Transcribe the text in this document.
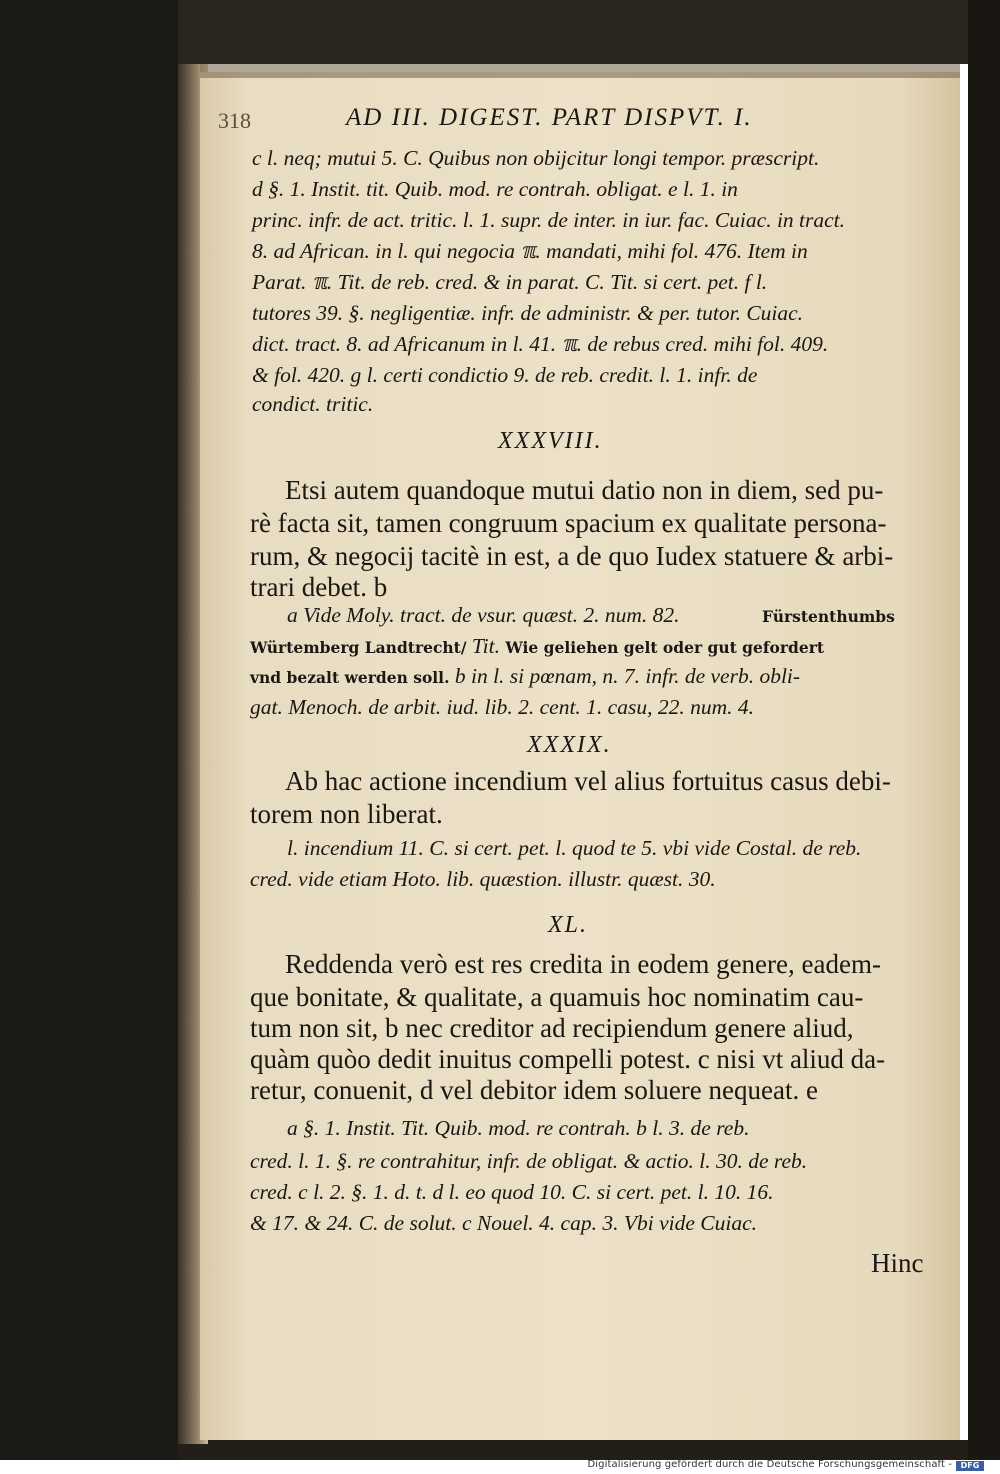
318	AD III. DIGEST. PART DISPVT. I.
c l. neq; mutui 5. C. Quibus non obijcitur longi tempor. præscript.
d §. 1. Instit. tit. Quib. mod. re contrah. obligat. e l. 1. in
princ. infr. de act. tritic. l. 1. supr. de inter. in iur. fac. Cuiac. in tract.
8. ad African. in l. qui negocia ℼ. mandati, mihi fol. 476. Item in
Parat. ℼ. Tit. de reb. cred. & in parat. C. Tit. si cert. pet. f l.
tutores 39. §. negligentiæ. infr. de administr. & per. tutor. Cuiac.
dict. tract. 8. ad Africanum in l. 41. ℼ. de rebus cred. mihi fol. 409.
& fol. 420. g l. certi condictio 9. de reb. credit. l. 1. infr. de
condict. tritic.
XXXVIII.
Etsi autem quandoque mutui datio non in diem, sed pu-
rè facta sit, tamen congruum spacium ex qualitate persona-
rum, & negocij tacitè in est, a de quo Iudex statuere & arbi-
trari debet. b
a Vide Moly. tract. de vsur. quæst. 2. num. 82.	Fürstenthumbs
Würtemberg Landtrecht/ Tit. Wie geliehen gelt oder gut gefordert
vnd bezalt werden soll. b in l. si pœnam, n. 7. infr. de verb. obli-
gat. Menoch. de arbit. iud. lib. 2. cent. 1. casu, 22. num. 4.
XXXIX.
Ab hac actione incendium vel alius fortuitus casus debi-
torem non liberat.
l. incendium 11. C. si cert. pet. l. quod te 5. vbi vide Costal. de reb.
cred. vide etiam Hoto. lib. quæstion. illustr. quæst. 30.
XL.
Reddenda verò est res credita in eodem genere, eadem-
que bonitate, & qualitate, a quamuis hoc nominatim cau-
tum non sit, b nec creditor ad recipiendum genere aliud,
quàm quòo dedit inuitus compelli potest. c nisi vt aliud da-
retur, conuenit, d vel debitor idem soluere nequeat. e
a §. 1. Instit. Tit. Quib. mod. re contrah. b l. 3. de reb.
cred. l. 1. §. re contrahitur, infr. de obligat. & actio. l. 30. de reb.
cred. c l. 2. §. 1. d. t. d l. eo quod 10. C. si cert. pet. l. 10. 16.
& 17. & 24. C. de solut. c Nouel. 4. cap. 3. Vbi vide Cuiac.
Hinc
Digitalisierung gefördert durch die Deutsche Forschungsgemeinschaft -	DFG
